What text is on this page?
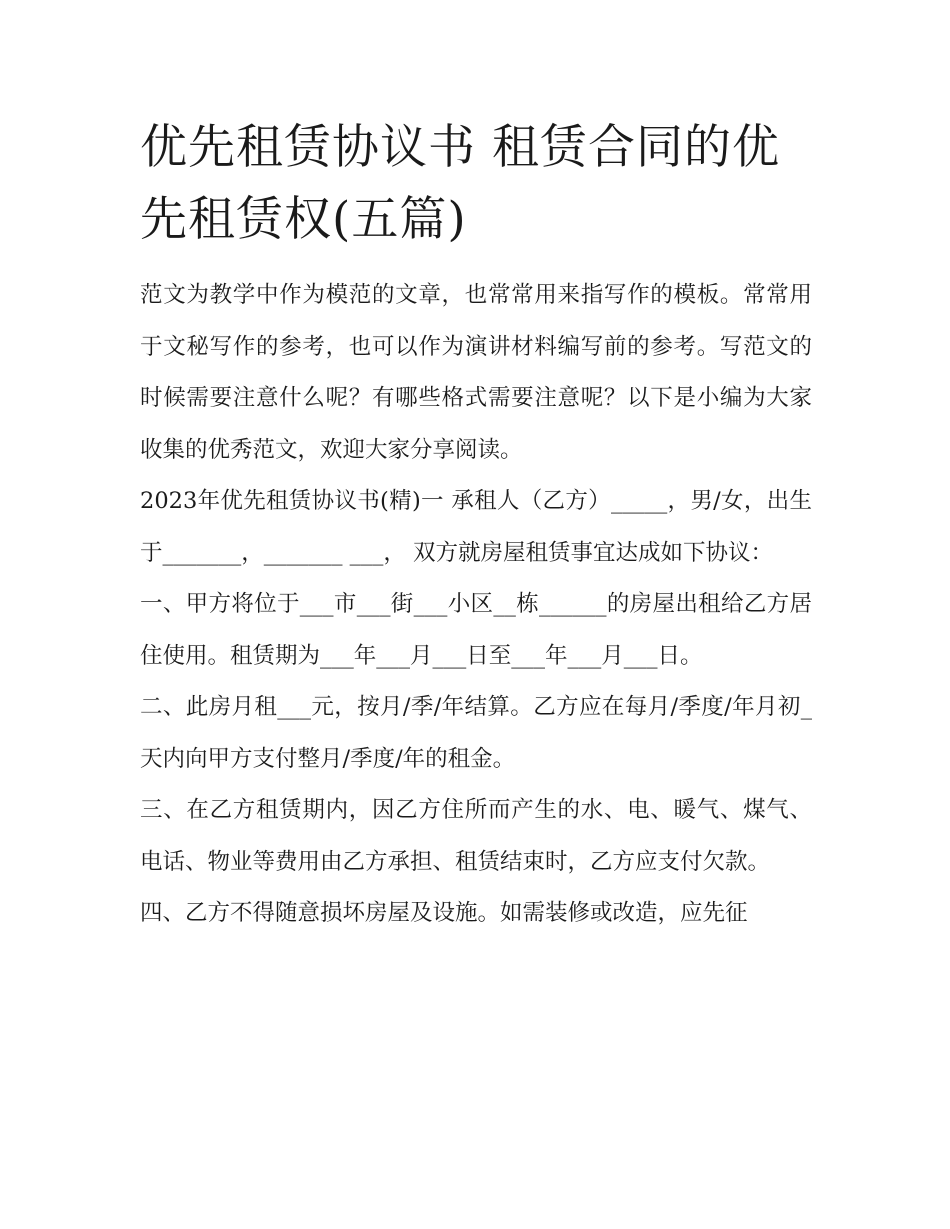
优先租赁协议书 租赁合同的优先租赁权(五篇)

范文为教学中作为模范的文章，也常常用来指写作的模板。常常用于文秘写作的参考，也可以作为演讲材料编写前的参考。写范文的时候需要注意什么呢？有哪些格式需要注意呢？以下是小编为大家收集的优秀范文，欢迎大家分享阅读。

2023年优先租赁协议书(精)一 承租人（乙方）_____，男/女，出生于_______，_______ ___， 双方就房屋租赁事宜达成如下协议：

一、甲方将位于___市___街___小区__栋______的房屋出租给乙方居住使用。租赁期为___年___月___日至___年___月___日。

二、此房月租___元，按月/季/年结算。乙方应在每月/季度/年月初_天内向甲方支付整月/季度/年的租金。

三、在乙方租赁期内，因乙方住所而产生的水、电、暖气、煤气、电话、物业等费用由乙方承担、租赁结束时，乙方应支付欠款。

四、乙方不得随意损坏房屋及设施。如需装修或改造，应先征
